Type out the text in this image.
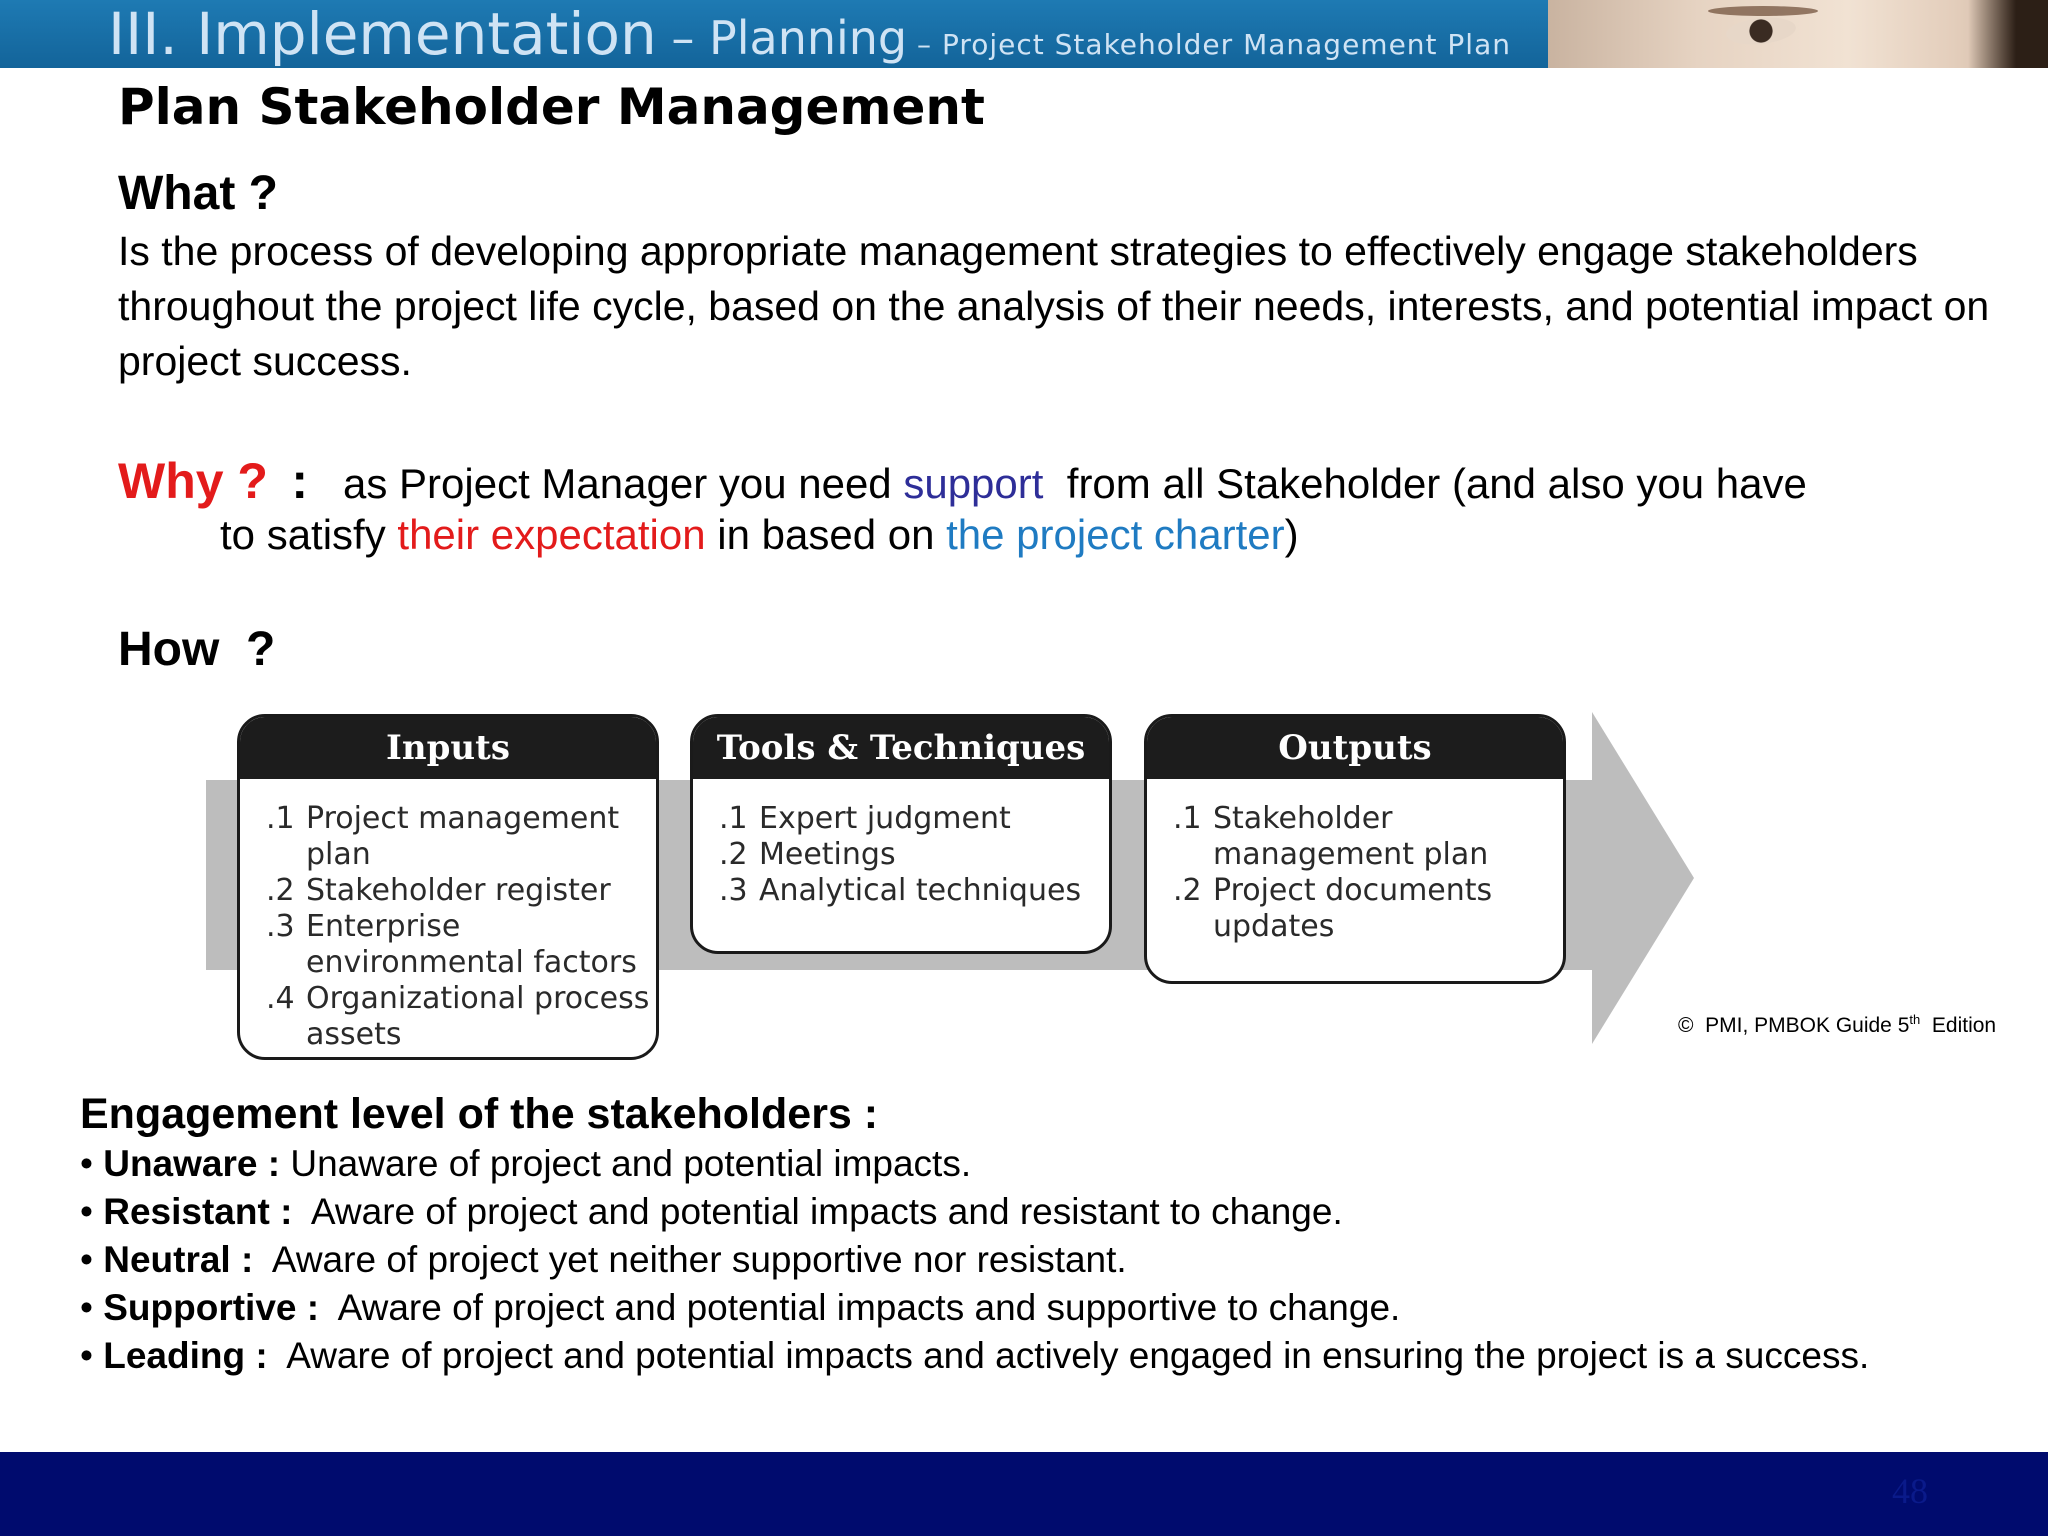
III. Implementation – Planning – Project Stakeholder Management Plan
Plan Stakeholder Management
What ?
Is the process of developing appropriate management strategies to effectively engage stakeholders throughout the project life cycle, based on the analysis of their needs, interests, and potential impact on project success.
Why ? : as Project Manager you need support  from all Stakeholder (and also you have
to satisfy their expectation in based on the project charter)
How  ?
Inputs
.1 Project management plan
.2 Stakeholder register
.3 Enterprise environmental factors
.4 Organizational process assets
Tools & Techniques
.1 Expert judgment
.2 Meetings
.3 Analytical techniques
Outputs
.1 Stakeholder management plan
.2 Project documents updates
©  PMI, PMBOK Guide 5th  Edition
Engagement level of the stakeholders :
• Unaware : Unaware of project and potential impacts.
• Resistant :  Aware of project and potential impacts and resistant to change.
• Neutral :  Aware of project yet neither supportive nor resistant.
• Supportive :  Aware of project and potential impacts and supportive to change.
• Leading :  Aware of project and potential impacts and actively engaged in ensuring the project is a success.
48
